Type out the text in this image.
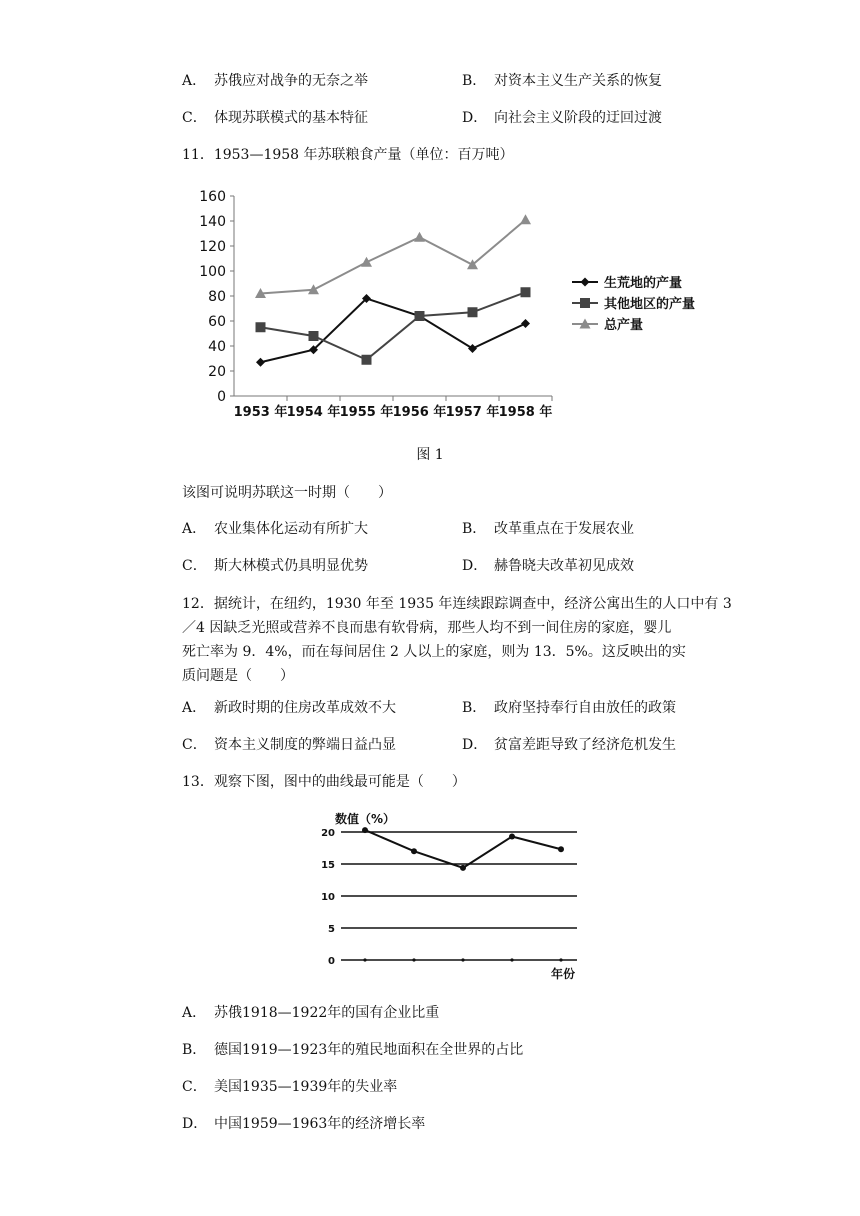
A． 苏俄应对战争的无奈之举	B． 对资本主义生产关系的恢复
C． 体现苏联模式的基本特征	D． 向社会主义阶段的迂回过渡
11．1953—1958 年苏联粮食产量（单位：百万吨）
0
20
40
60
80
100
120
140
160
1953 年 1954 年 1955 年 1956 年 1957 年 1958 年
生荒地的产量
其他地区的产量
总产量
图 1
该图可说明苏联这一时期（　　）
A． 农业集体化运动有所扩大	B． 改革重点在于发展农业
C． 斯大林模式仍具明显优势	D． 赫鲁晓夫改革初见成效
12．据统计，在纽约，1930 年至 1935 年连续跟踪调查中，经济公寓出生的人口中有 3
／4 因缺乏光照或营养不良而患有软骨病，那些人均不到一间住房的家庭，婴儿
死亡率为 9．4%，而在每间居住 2 人以上的家庭，则为 13．5%。这反映出的实
质问题是（　　）
A． 新政时期的住房改革成效不大	B． 政府坚持奉行自由放任的政策
C． 资本主义制度的弊端日益凸显	D． 贫富差距导致了经济危机发生
13．观察下图，图中的曲线最可能是（　　）
数值（%）
年份
0
5
10
15
20
A． 苏俄1918—1922年的国有企业比重
B． 德国1919—1923年的殖民地面积在全世界的占比
C． 美国1935—1939年的失业率
D． 中国1959—1963年的经济增长率
